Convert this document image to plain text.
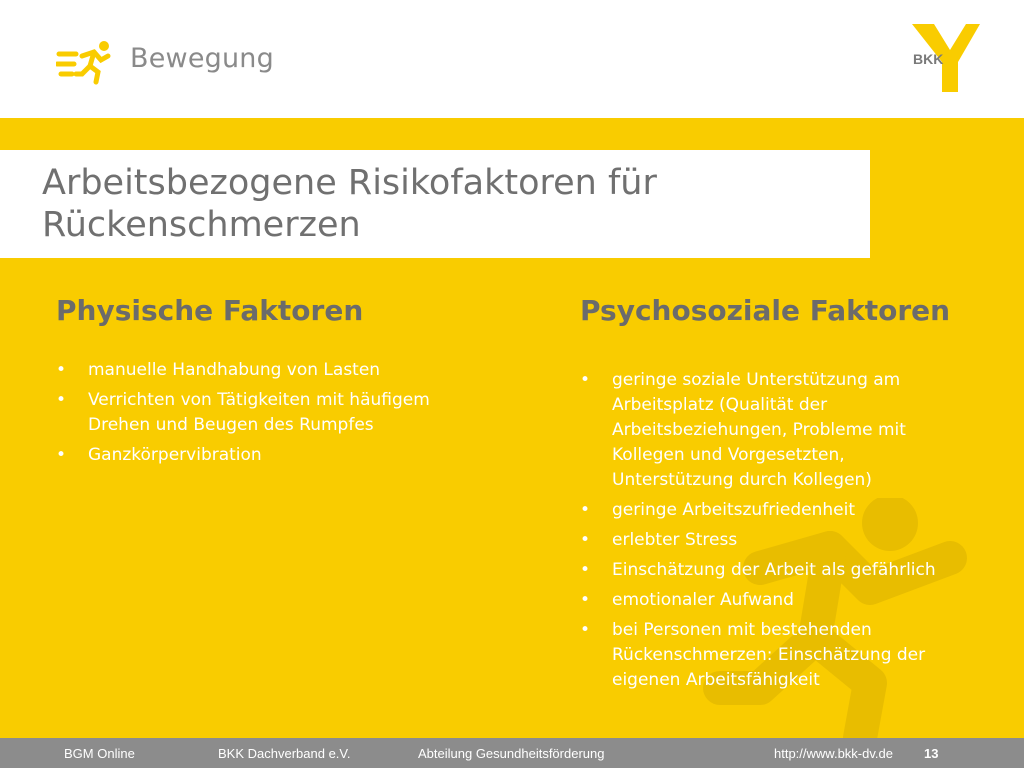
Bewegung	BKK
Arbeitsbezogene Risikofaktoren für
Rückenschmerzen
Physische Faktoren
• manuelle Handhabung von Lasten
• Verrichten von Tätigkeiten mit häufigem Drehen und Beugen des Rumpfes
• Ganzkörpervibration
Psychosoziale Faktoren
• geringe soziale Unterstützung am Arbeitsplatz (Qualität der Arbeitsbeziehungen, Probleme mit Kollegen und Vorgesetzten, Unterstützung durch Kollegen)
• geringe Arbeitszufriedenheit
• erlebter Stress
• Einschätzung der Arbeit als gefährlich
• emotionaler Aufwand
• bei Personen mit bestehenden Rückenschmerzen: Einschätzung der eigenen Arbeitsfähigkeit
BGM Online	BKK Dachverband e.V.	Abteilung Gesundheitsförderung	http://www.bkk-dv.de 13
